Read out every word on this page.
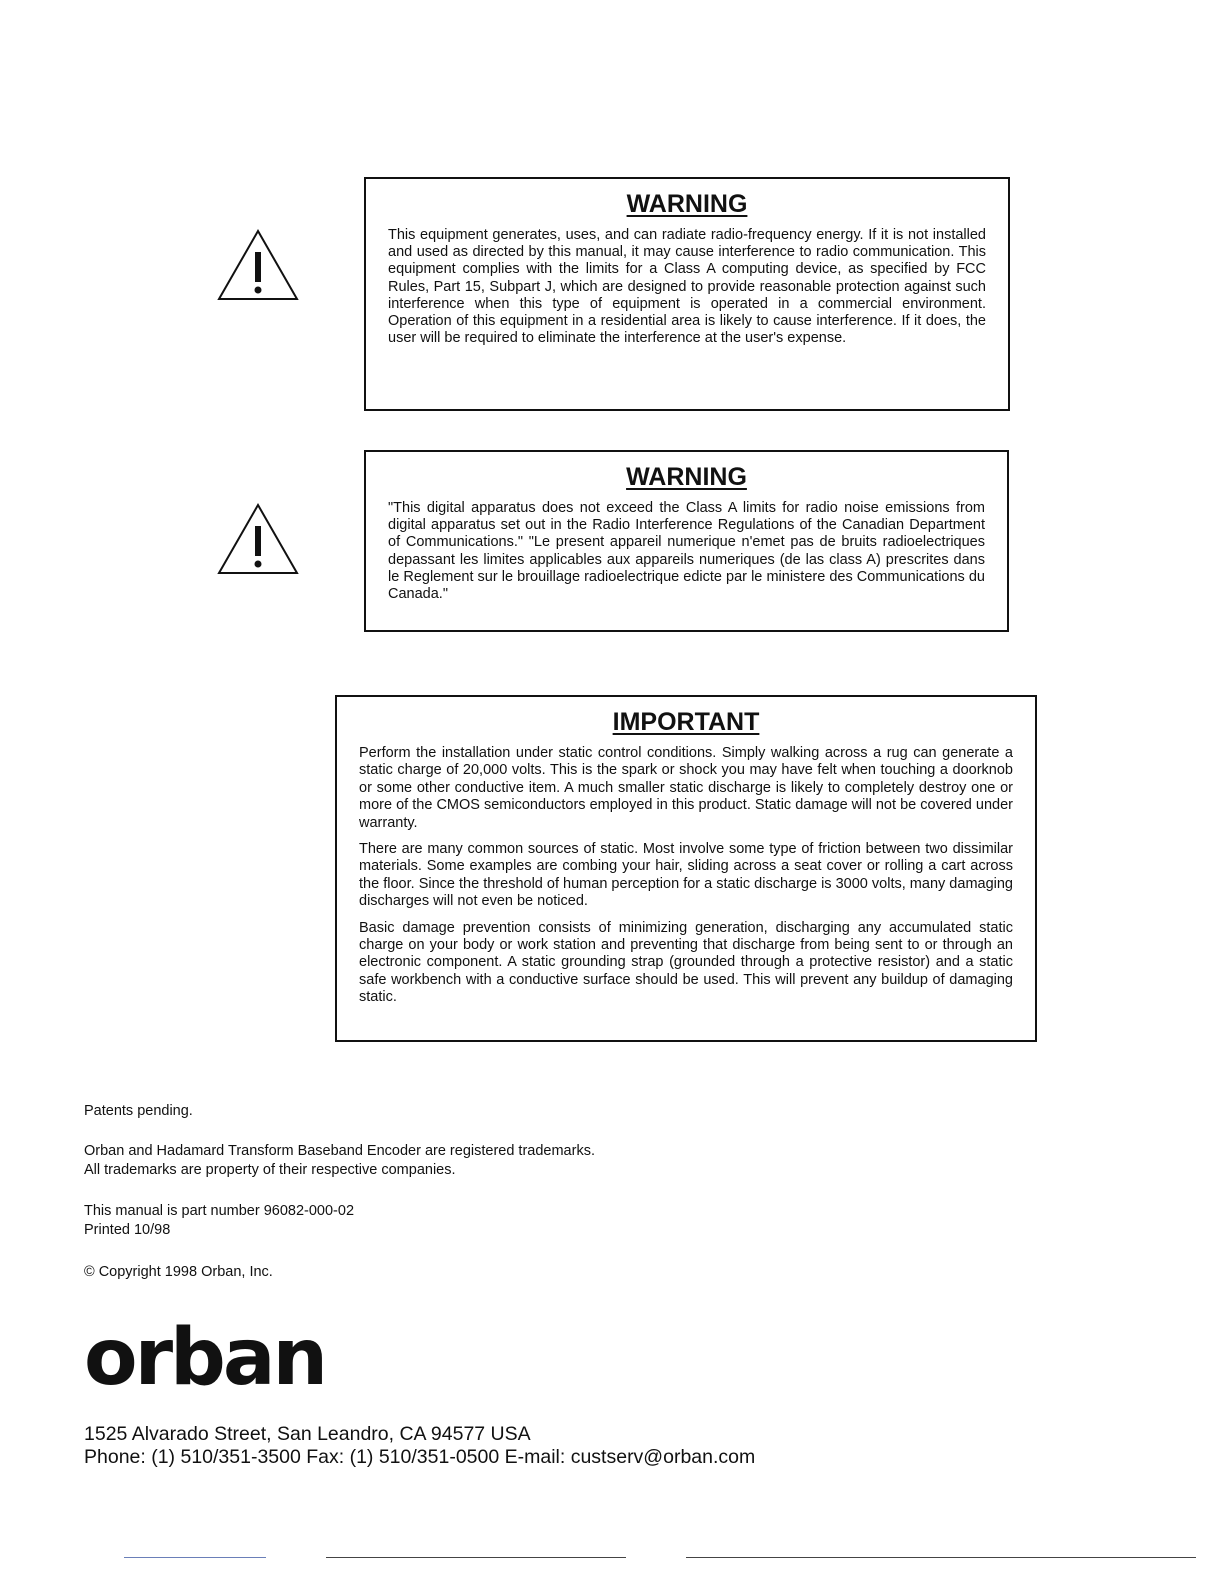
WARNING

This equipment generates, uses, and can radiate radio-frequency energy. If it is not installed and used as directed by this manual, it may cause interference to radio communication. This equipment complies with the limits for a Class A computing device, as specified by FCC Rules, Part 15, Subpart J, which are designed to provide reasonable protection against such interference when this type of equipment is operated in a commercial environment. Operation of this equipment in a residential area is likely to cause interference. If it does, the user will be required to eliminate the interference at the user's expense.

WARNING

"This digital apparatus does not exceed the Class A limits for radio noise emissions from digital apparatus set out in the Radio Interference Regulations of the Canadian Department of Communications." "Le present appareil numerique n'emet pas de bruits radioelectriques depassant les limites applicables aux appareils numeriques (de las class A) prescrites dans le Reglement sur le brouillage radioelectrique edicte par le ministere des Communications du Canada."

IMPORTANT

Perform the installation under static control conditions. Simply walking across a rug can generate a static charge of 20,000 volts. This is the spark or shock you may have felt when touching a doorknob or some other conductive item. A much smaller static discharge is likely to completely destroy one or more of the CMOS semiconductors employed in this product. Static damage will not be covered under warranty.

There are many common sources of static. Most involve some type of friction between two dissimilar materials. Some examples are combing your hair, sliding across a seat cover or rolling a cart across the floor. Since the threshold of human perception for a static discharge is 3000 volts, many damaging discharges will not even be noticed.

Basic damage prevention consists of minimizing generation, discharging any accumulated static charge on your body or work station and preventing that discharge from being sent to or through an electronic component. A static grounding strap (grounded through a protective resistor) and a static safe workbench with a conductive surface should be used. This will prevent any buildup of damaging static.

Patents pending.

Orban and Hadamard Transform Baseband Encoder are registered trademarks.

All trademarks are property of their respective companies.

This manual is part number 96082-000-02

Printed 10/98

© Copyright 1998 Orban, Inc.

orban

1525 Alvarado Street, San Leandro, CA 94577 USA

Phone: (1) 510/351-3500 Fax: (1) 510/351-0500 E-mail: custserv@orban.com
